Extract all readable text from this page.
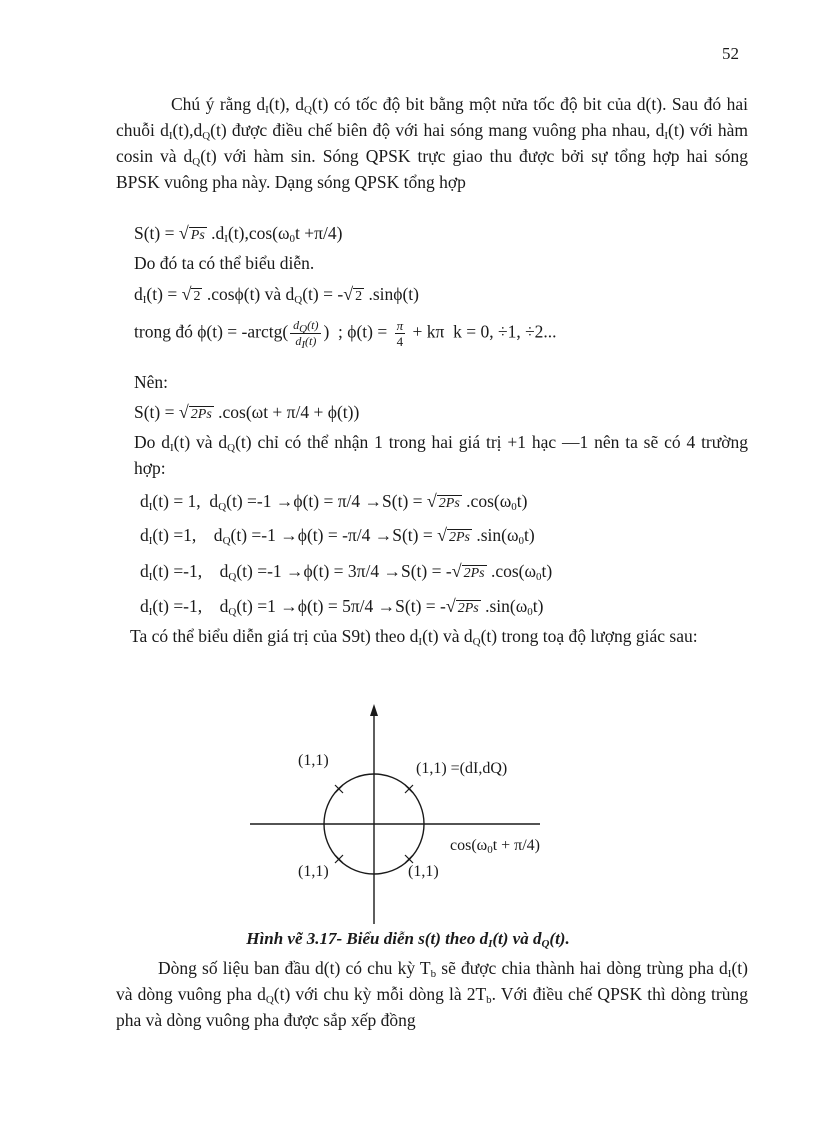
52

Chú ý rằng $d_I(t)$, $d_Q(t)$ có tốc độ bit bằng một nửa tốc độ bit của d(t). Sau đó hai chuỗi $d_I(t),d_Q(t)$ được điều chế biên độ với hai sóng mang vuông pha nhau, $d_I(t)$ với hàm cosin và $d_Q(t)$ với hàm sin. Sóng QPSK trực giao thu được bởi sự tổng hợp hai sóng BPSK vuông pha này. Dạng sóng QPSK tổng hợp

S(t) = √ Ps $.d_I(t),\cos(\omega_0t +\pi/4)$
Do đó ta có thể biểu diễn.
$d_I(t)$ = √ 2 .cosϕ(t) và $d_Q(t)$ = -√ 2 .sinϕ(t)
trong đó ϕ(t) = -arctg( $\frac{d_Q(t)}{d_I(t)}$ )  ; $\phi(t) = \frac{\pi}{4} + k\pi$  k = 0, ÷1, ÷2...
Nên:
S(t) = √ 2Ps .cos(ωt + π/4 + ϕ(t))

Do $d_I(t)$ và $d_Q(t)$ chỉ có thể nhận 1 trong hai giá trị +1 hạc —1 nên ta sẽ có 4 trường hợp:

$d_I(t) = 1$,  $d_Q(t) =-1 \to\phi(t) = \pi/4 \to S(t)$ = √ 2Ps $.\cos(\omega_0t)$
$d_I(t) =1$,    $d_Q(t) =-1 \to\phi(t) = -\pi/4 \to S(t)$ = √ 2Ps $.\sin(\omega_0t)$
$d_I(t) =-1$,    $d_Q(t) =-1 \to\phi(t) = 3\pi/4 \to S(t)$ = -√ 2Ps $.\cos(\omega_0t)$
$d_I(t) =-1$,    $d_Q(t) =1 \to\phi(t) = 5\pi/4 \to S(t)$ = -√ 2Ps $.\sin(\omega_0t)$

Ta có thể biểu diễn giá trị của S9t) theo $d_I(t)$ và $d_Q(t)$ trong toạ độ lượng giác sau:

(1,1)	(1,1) =(dI,dQ)
$\cos(\omega_0t + \pi/4)$
(1,1)	(1,1)
Hình vẽ 3.17- Biểu diễn s(t) theo $d_I(t)$ và $d_Q(t)$.

Dòng số liệu ban đầu d(t) có chu kỳ $T_b$ sẽ được chia thành hai dòng trùng pha $d_I(t)$ và dòng vuông pha $d_Q(t)$ với chu kỳ mỗi dòng là $2T_b$. Với điều chế QPSK thì dòng trùng pha và dòng vuông pha được sắp xếp đồng
